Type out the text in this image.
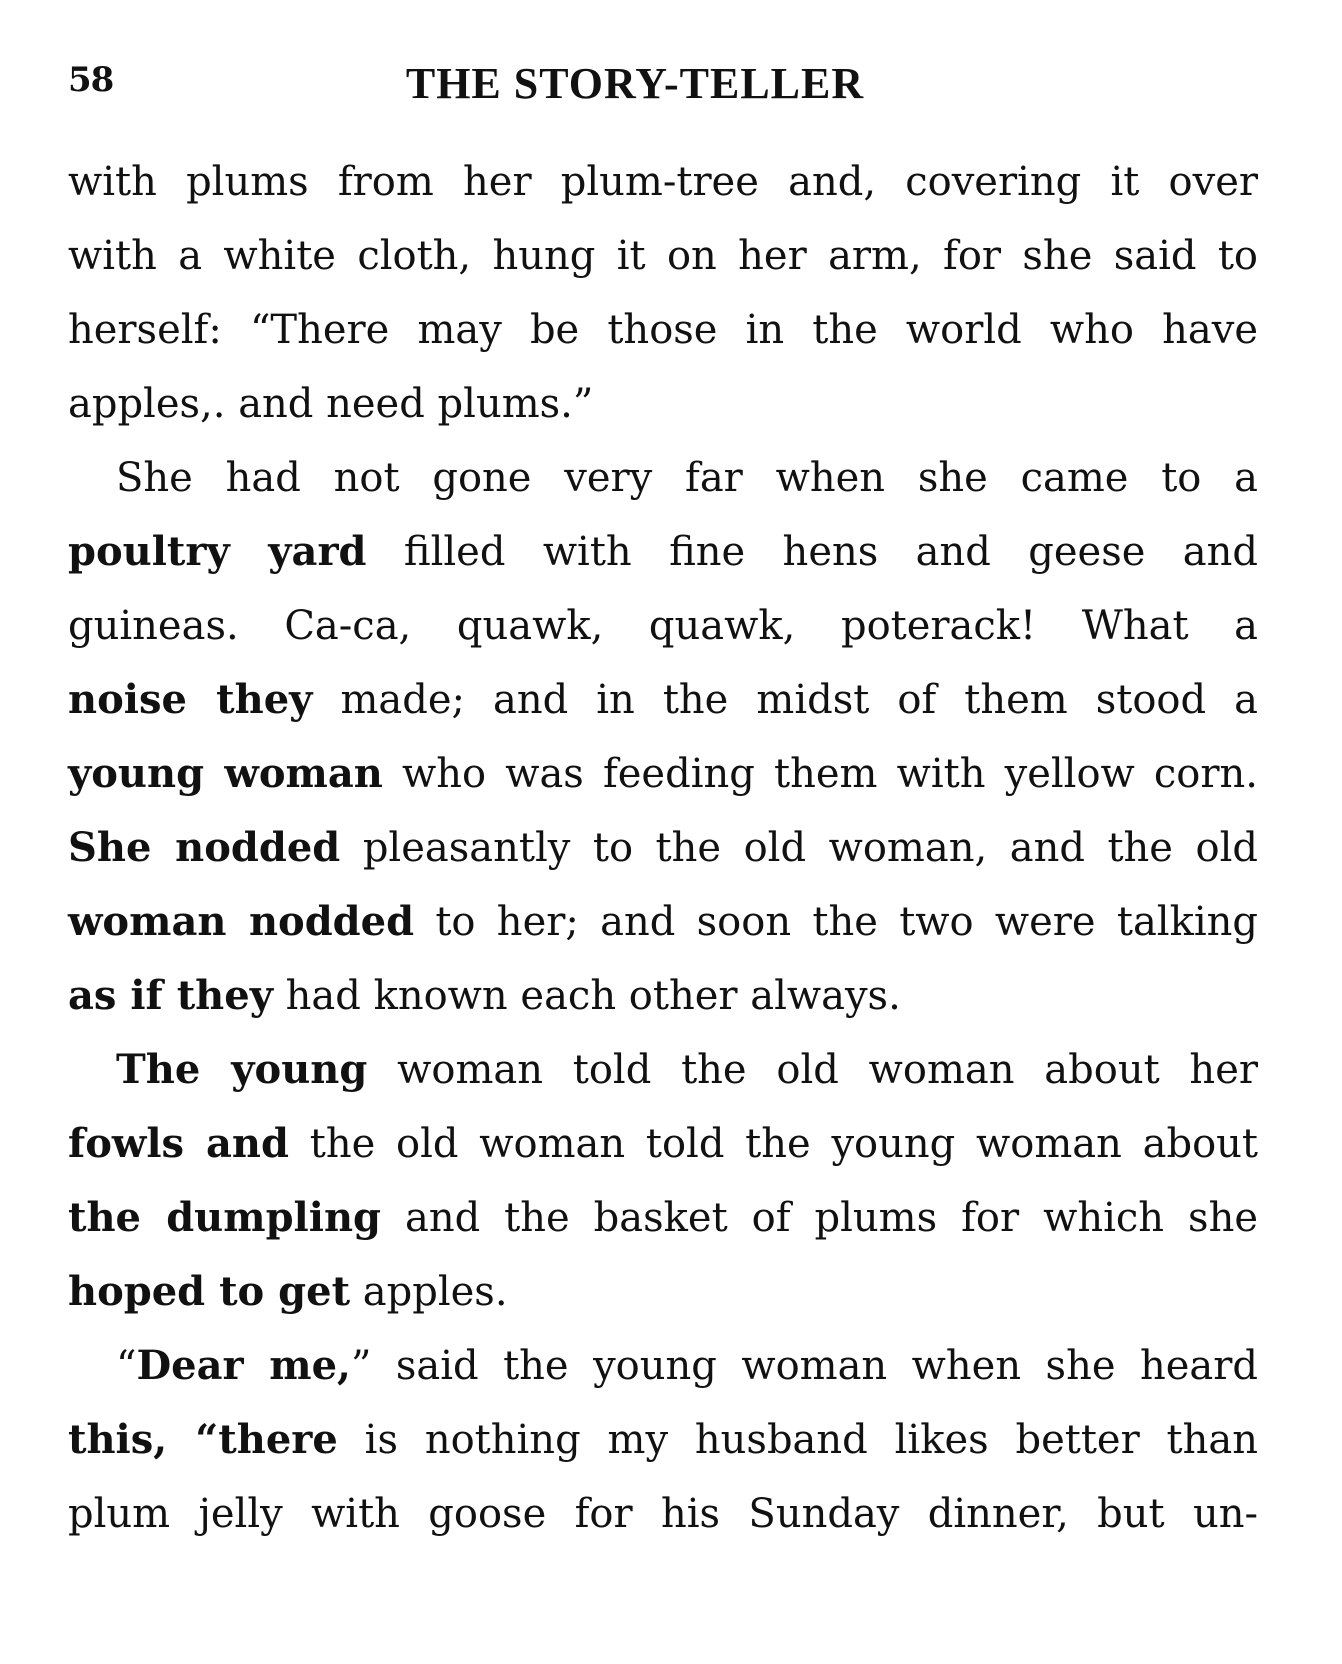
58	THE STORY-TELLER
with plums from her plum-tree and, covering it over
with a white cloth, hung it on her arm, for she said to
herself: “There may be those in the world who have
apples,. and need plums.”
She had not gone very far when she came to a
poultry yard filled with fine hens and geese and
guineas. Ca-ca, quawk, quawk, poterack! What a
noise they made; and in the midst of them stood a
young woman who was feeding them with yellow corn.
She nodded pleasantly to the old woman, and the old
woman nodded to her; and soon the two were talking
as if they had known each other always.
The young woman told the old woman about her
fowls and the old woman told the young woman about
the dumpling and the basket of plums for which she
hoped to get apples.
“Dear me,” said the young woman when she heard
this, “there is nothing my husband likes better than
plum jelly with goose for his Sunday dinner, but un-
